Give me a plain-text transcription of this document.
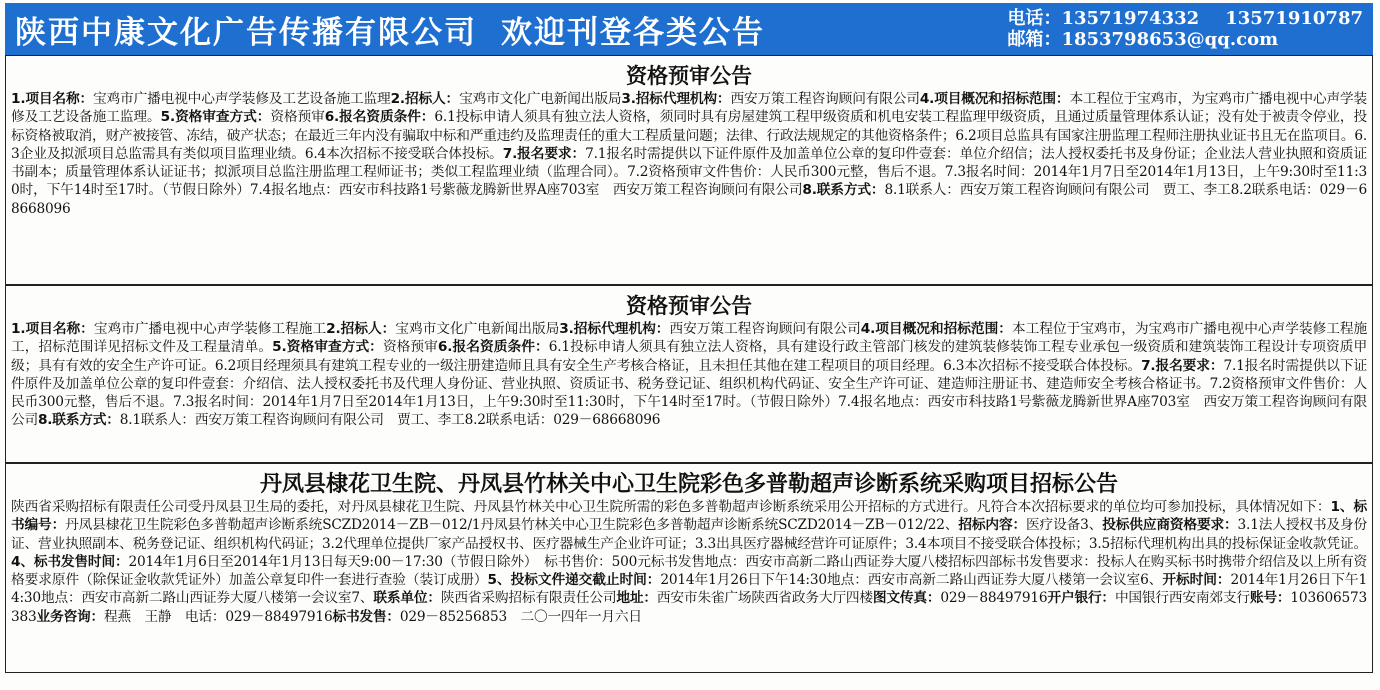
陕西中康文化广告传播有限公司 欢迎刊登各类公告	电话：13571974332 13571910787
邮箱：1853798653@qq.com
资格预审公告
1.项目名称：宝鸡市广播电视中心声学装修及工艺设备施工监理2.招标人：宝鸡市文化广电新闻出版局3.招标代理机构：西安万策工程咨询顾问有限公司4.项目概况和招标范围：本工程位于宝鸡市，为宝鸡市广播电视中心声学装修及工艺设备施工监理。5.资格审查方式：资格预审6.报名资质条件：6.1投标申请人须具有独立法人资格，须同时具有房屋建筑工程甲级资质和机电安装工程监理甲级资质，且通过质量管理体系认证；没有处于被责令停业，投标资格被取消，财产被接管、冻结，破产状态；在最近三年内没有骗取中标和严重违约及监理责任的重大工程质量问题；法律、行政法规规定的其他资格条件；6.2项目总监具有国家注册监理工程师注册执业证书且无在监项目。6.3企业及拟派项目总监需具有类似项目监理业绩。6.4本次招标不接受联合体投标。7.报名要求：7.1报名时需提供以下证件原件及加盖单位公章的复印件壹套：单位介绍信；法人授权委托书及身份证；企业法人营业执照和资质证书副本；质量管理体系认证证书；拟派项目总监注册监理工程师证书；类似工程监理业绩（监理合同）。7.2资格预审文件售价：人民币300元整，售后不退。7.3报名时间：2014年1月7日至2014年1月13日，上午9:30时至11:30时，下午14时至17时。（节假日除外）7.4报名地点：西安市科技路1号紫薇龙腾新世界A座703室　西安万策工程咨询顾问有限公司8.联系方式：8.1联系人：西安万策工程咨询顾问有限公司　贾工、李工8.2联系电话：029－68668096
资格预审公告
1.项目名称：宝鸡市广播电视中心声学装修工程施工2.招标人：宝鸡市文化广电新闻出版局3.招标代理机构：西安万策工程咨询顾问有限公司4.项目概况和招标范围：本工程位于宝鸡市，为宝鸡市广播电视中心声学装修工程施工，招标范围详见招标文件及工程量清单。5.资格审查方式：资格预审6.报名资质条件：6.1投标申请人须具有独立法人资格，具有建设行政主管部门核发的建筑装修装饰工程专业承包一级资质和建筑装饰工程设计专项资质甲级；具有有效的安全生产许可证。6.2项目经理须具有建筑工程专业的一级注册建造师且具有安全生产考核合格证，且未担任其他在建工程项目的项目经理。6.3本次招标不接受联合体投标。7.报名要求：7.1报名时需提供以下证件原件及加盖单位公章的复印件壹套：介绍信、法人授权委托书及代理人身份证、营业执照、资质证书、税务登记证、组织机构代码证、安全生产许可证、建造师注册证书、建造师安全考核合格证书。7.2资格预审文件售价：人民币300元整，售后不退。7.3报名时间：2014年1月7日至2014年1月13日，上午9:30时至11:30时，下午14时至17时。（节假日除外）7.4报名地点：西安市科技路1号紫薇龙腾新世界A座703室　西安万策工程咨询顾问有限公司8.联系方式：8.1联系人：西安万策工程咨询顾问有限公司　贾工、李工8.2联系电话：029－68668096
丹凤县棣花卫生院、丹凤县竹林关中心卫生院彩色多普勒超声诊断系统采购项目招标公告
陕西省采购招标有限责任公司受丹凤县卫生局的委托，对丹凤县棣花卫生院、丹凤县竹林关中心卫生院所需的彩色多普勒超声诊断系统采用公开招标的方式进行。凡符合本次招标要求的单位均可参加投标，具体情况如下：1、标书编号：丹凤县棣花卫生院彩色多普勒超声诊断系统SCZD2014－ZB－012/1丹凤县竹林关中心卫生院彩色多普勒超声诊断系统SCZD2014－ZB－012/22、招标内容：医疗设备3、投标供应商资格要求：3.1法人授权书及身份证、营业执照副本、税务登记证、组织机构代码证；3.2代理单位提供厂家产品授权书、医疗器械生产企业许可证；3.3出具医疗器械经营许可证原件；3.4本项目不接受联合体投标；3.5招标代理机构出具的投标保证金收款凭证。4、标书发售时间：2014年1月6日至2014年1月13日每天9:00－17:30（节假日除外）　标书售价：500元标书发售地点：西安市高新二路山西证券大厦八楼招标四部标书发售要求：投标人在购买标书时携带介绍信及以上所有资格要求原件（除保证金收款凭证外）加盖公章复印件一套进行查验（装订成册）5、投标文件递交截止时间：2014年1月26日下午14:30地点：西安市高新二路山西证券大厦八楼第一会议室6、开标时间：2014年1月26日下午14:30地点：西安市高新二路山西证券大厦八楼第一会议室7、联系单位：陕西省采购招标有限责任公司地址：西安市朱雀广场陕西省政务大厅四楼图文传真：029－88497916开户银行：中国银行西安南郊支行账号：103606573383业务咨询：程燕　王静　电话：029－88497916标书发售：029－85256853　二〇一四年一月六日
